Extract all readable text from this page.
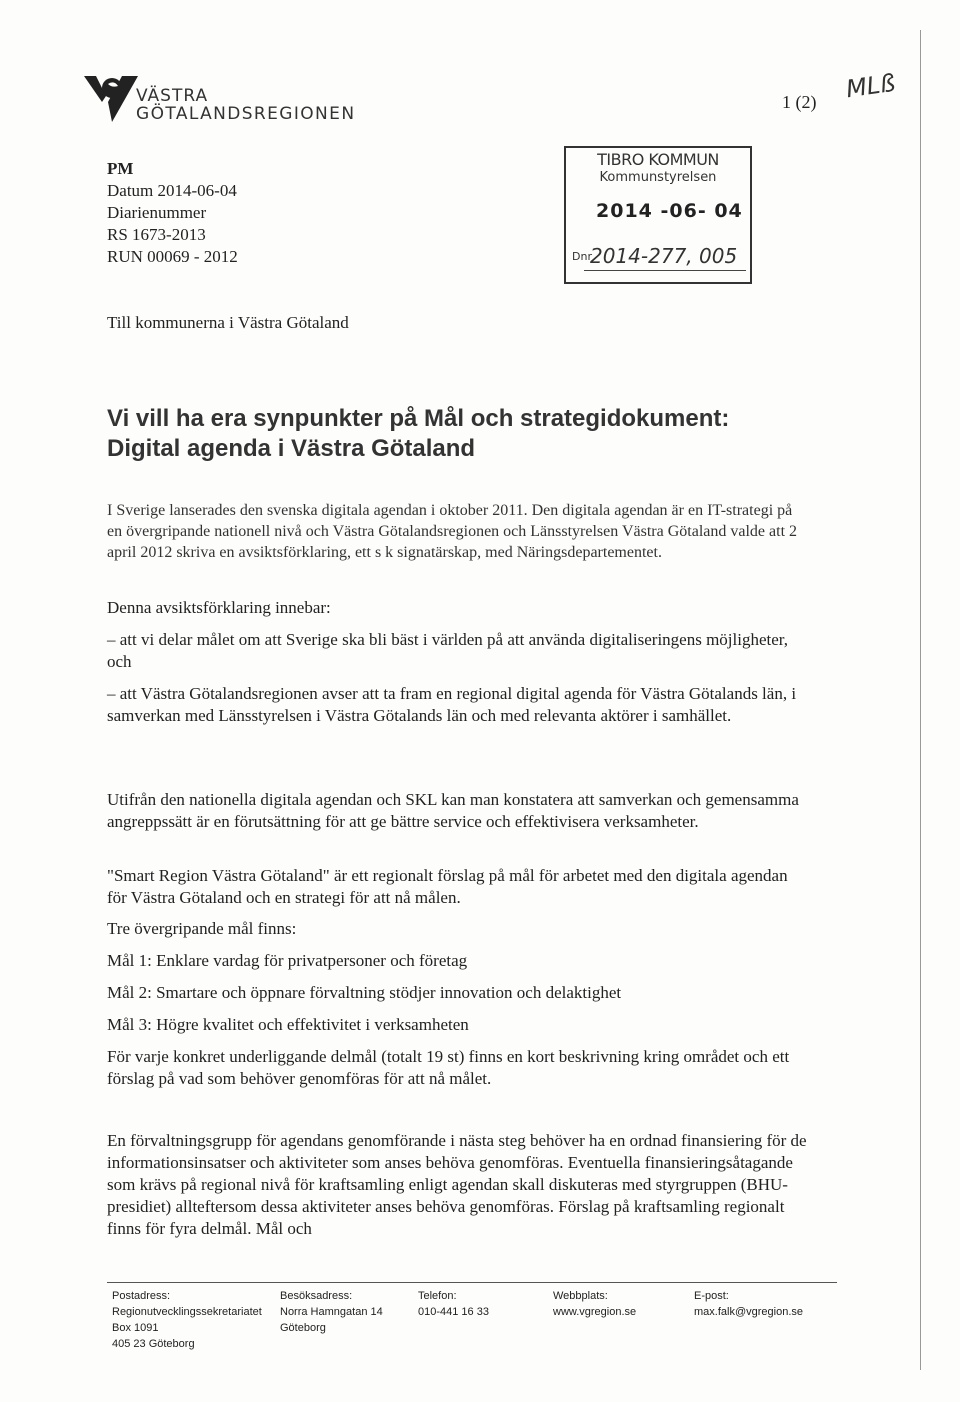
VÄSTRA
GÖTALANDSREGIONEN
1 (2) MLß
PM
Datum 2014-06-04
Diarienummer
RS 1673-2013
RUN 00069 - 2012
TIBRO KOMMUN
Kommunstyrelsen
2014 -06- 04
Dnr
2014-277, 005
Till kommunerna i Västra Götaland
Vi vill ha era synpunkter på Mål och strategidokument:
Digital agenda i Västra Götaland

I Sverige lanserades den svenska digitala agendan i oktober 2011. Den digitala agendan är en IT-strategi på en övergripande nationell nivå och Västra Götalandsregionen och Länsstyrelsen Västra Götaland valde att 2 april 2012 skriva en avsiktsförklaring, ett s k signatärskap, med Näringsdepartementet.

Denna avsiktsförklaring innebar:

– att vi delar målet om att Sverige ska bli bäst i världen på att använda digitaliseringens möjligheter, och

– att Västra Götalandsregionen avser att ta fram en regional digital agenda för Västra Götalands län, i samverkan med Länsstyrelsen i Västra Götalands län och med relevanta aktörer i samhället.

Utifrån den nationella digitala agendan och SKL kan man konstatera att samverkan och gemensamma angreppssätt är en förutsättning för att ge bättre service och effektivisera verksamheter.

"Smart Region Västra Götaland" är ett regionalt förslag på mål för arbetet med den digitala agendan för Västra Götaland och en strategi för att nå målen.

Tre övergripande mål finns:

Mål 1: Enklare vardag för privatpersoner och företag

Mål 2: Smartare och öppnare förvaltning stödjer innovation och delaktighet

Mål 3: Högre kvalitet och effektivitet i verksamheten

För varje konkret underliggande delmål (totalt 19 st) finns en kort beskrivning kring området och ett förslag på vad som behöver genomföras för att nå målet.

En förvaltningsgrupp för agendans genomförande i nästa steg behöver ha en ordnad finansiering för de informationsinsatser och aktiviteter som anses behöva genomföras. Eventuella finansieringsåtagande som krävs på regional nivå för kraftsamling enligt agendan skall diskuteras med styrgruppen (BHU-presidiet) allteftersom dessa aktiviteter anses behöva genomföras. Förslag på kraftsamling regionalt finns för fyra delmål. Mål och

Postadress:
Regionutvecklingssekretariatet
Box 1091
405 23 Göteborg
Besöksadress:
Norra Hamngatan 14
Göteborg
Telefon:
010-441 16 33
Webbplats:
www.vgregion.se
E-post:
max.falk@vgregion.se
